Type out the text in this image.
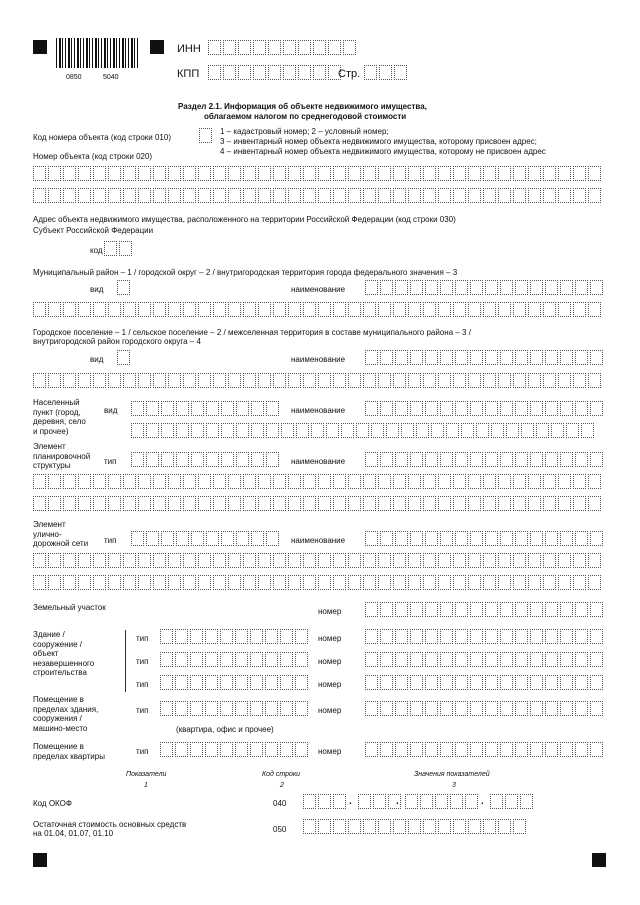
0850	5040
ИНН
КПП	Стр.
Раздел 2.1. Информация об объекте недвижимого имущества,
облагаемом налогом по среднегодовой стоимости
Код номера объекта (код строки 010)
1 – кадастровый номер; 2 – условный номер;
3 – инвентарный номер объекта недвижимого имущества, которому присвоен адрес;
4 – инвентарный номер объекта недвижимого имущества, которому не присвоен адрес
Номер объекта (код строки 020)
Адрес объекта недвижимого имущества, расположенного на территории Российской Федерации (код строки 030)
Субъект Российской Федерации
код
Муниципальный район – 1 / городской округ – 2 / внутригородская территория города федерального значения – 3
вид	наименование
Городское поселение – 1 / сельское поселение – 2 / межселенная территория в составе муниципального района – 3 /
внутригородской район городского округа – 4
вид	наименование
Населенный
пункт (город,
деревня, село
и прочее)
вид	наименование
Элемент
планировочной
структуры	тип	наименование
Элемент
улично-
дорожной сети	тип	наименование
Земельный участок	номер
Здание /
сооружение /
объект
незавершенного
строительства
тип	номер
тип	номер
тип	номер
Помещение в
пределах здания,
сооружения /
машино-место
тип	номер
(квартира, офис и прочее)
Помещение в
пределах квартиры	тип	номер
Показатели	Код строки	Значения показателей
1	2	3
Код ОКОФ	040	.	.	.
Остаточная стоимость основных средств
на 01.04, 01.07, 01.10	050
